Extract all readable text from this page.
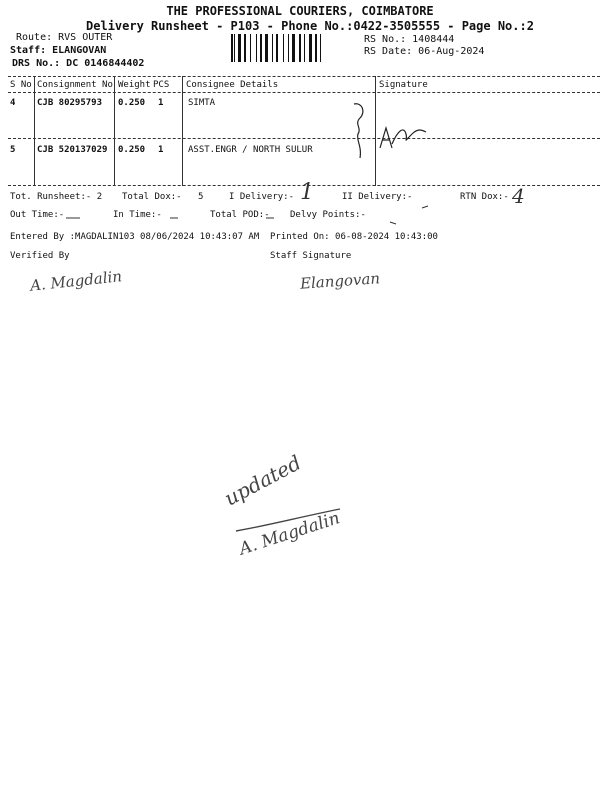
THE PROFESSIONAL COURIERS, COIMBATORE
Delivery Runsheet - P103 - Phone No.:0422-3505555 - Page No.:2
Route: RVS OUTER
Staff: ELANGOVAN
DRS No.: DC 0146844402
RS No.: 1408444
RS Date: 06-Aug-2024
S No Consignment No Weight PCS Consignee Details	Signature
4 CJB 80295793 0.250 1	SIMTA
5 CJB 520137029 0.250 1	ASST.ENGR / NORTH SULUR
Tot. Runsheet:- 2 Total Dox:- 5	I Delivery:- 1	II Delivery:-	RTN Dox:- 4
Out Time:-	In Time:-	Total POD:- Delvy Points:-
Entered By :MAGDALIN103 08/06/2024 10:43:07 AM Printed On: 06-08-2024 10:43:00
Verified By	Staff Signature
A. Magdalin	Elangovan
updated
A. Magdalin
